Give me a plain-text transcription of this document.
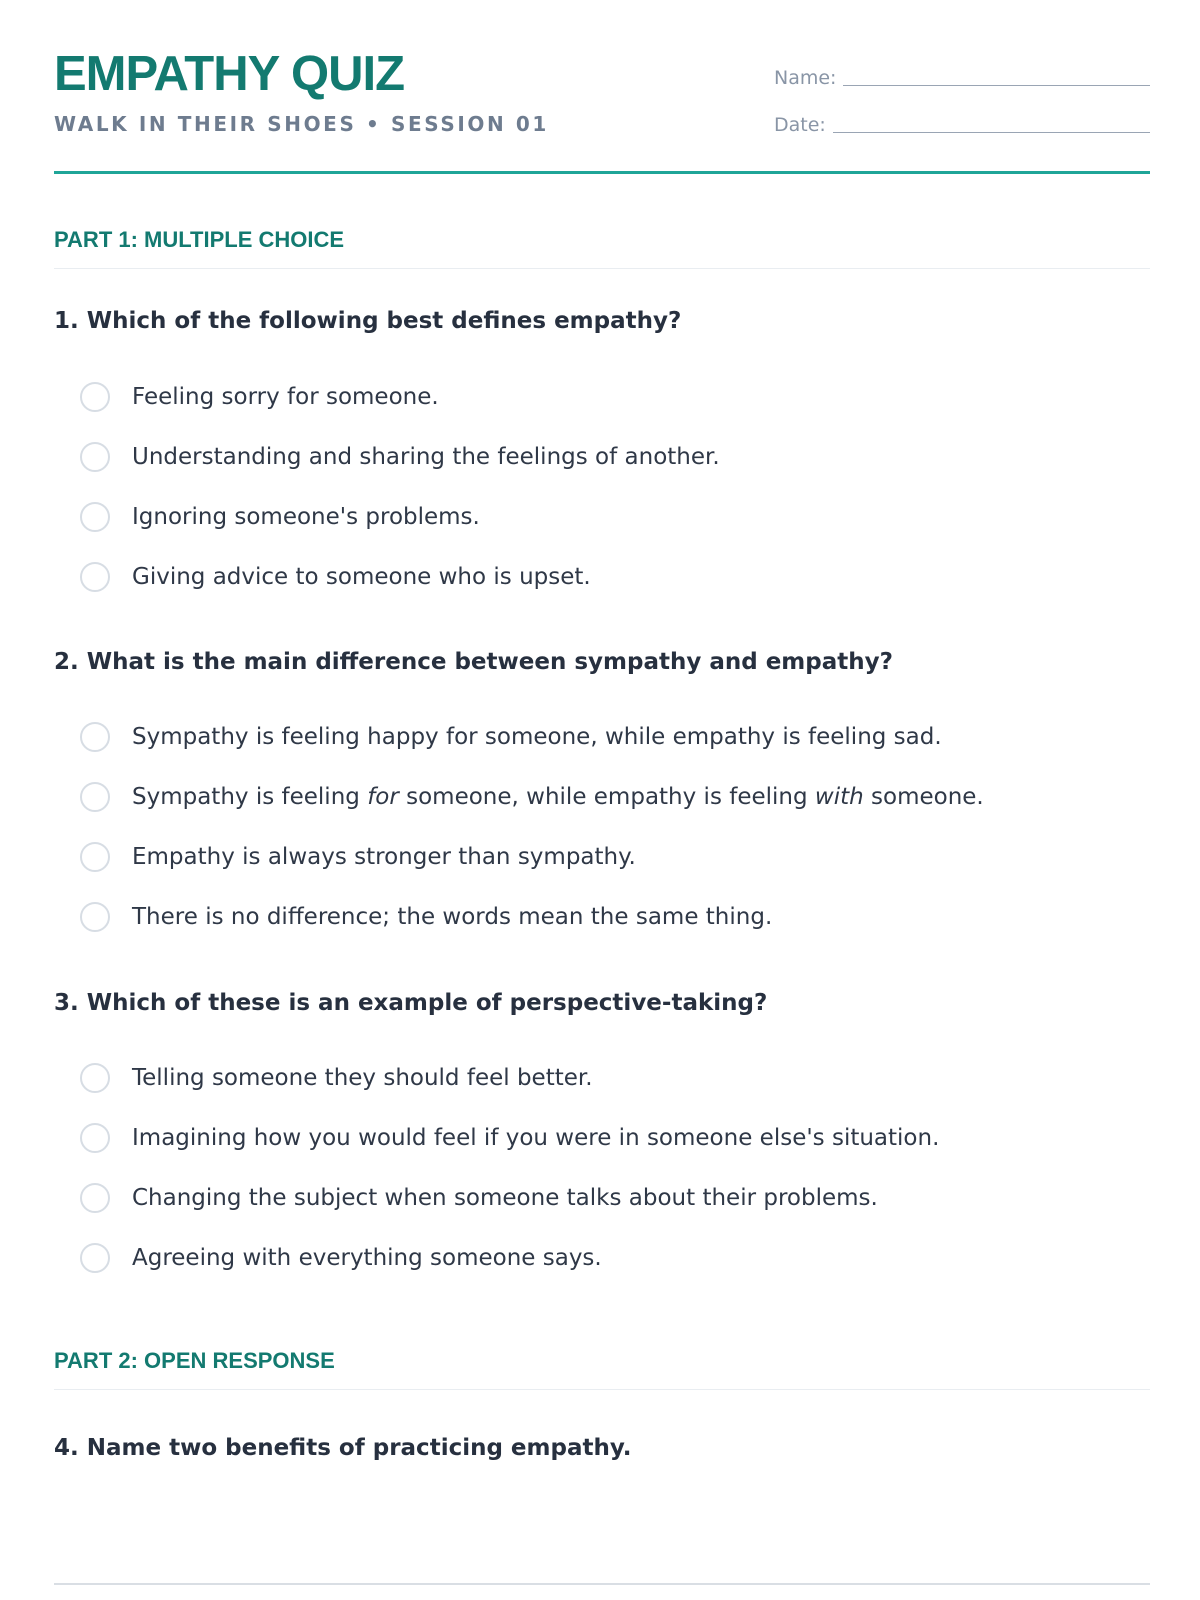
EMPATHY QUIZ
WALK IN THEIR SHOES • SESSION 01
Name:
Date:
PART 1: MULTIPLE CHOICE
1. Which of the following best defines empathy?
Feeling sorry for someone.
Understanding and sharing the feelings of another.
Ignoring someone's problems.
Giving advice to someone who is upset.
2. What is the main difference between sympathy and empathy?
Sympathy is feeling happy for someone, while empathy is feeling sad.
Sympathy is feeling for someone, while empathy is feeling with someone.
Empathy is always stronger than sympathy.
There is no difference; the words mean the same thing.
3. Which of these is an example of perspective-taking?
Telling someone they should feel better.
Imagining how you would feel if you were in someone else's situation.
Changing the subject when someone talks about their problems.
Agreeing with everything someone says.
PART 2: OPEN RESPONSE
4. Name two benefits of practicing empathy.
